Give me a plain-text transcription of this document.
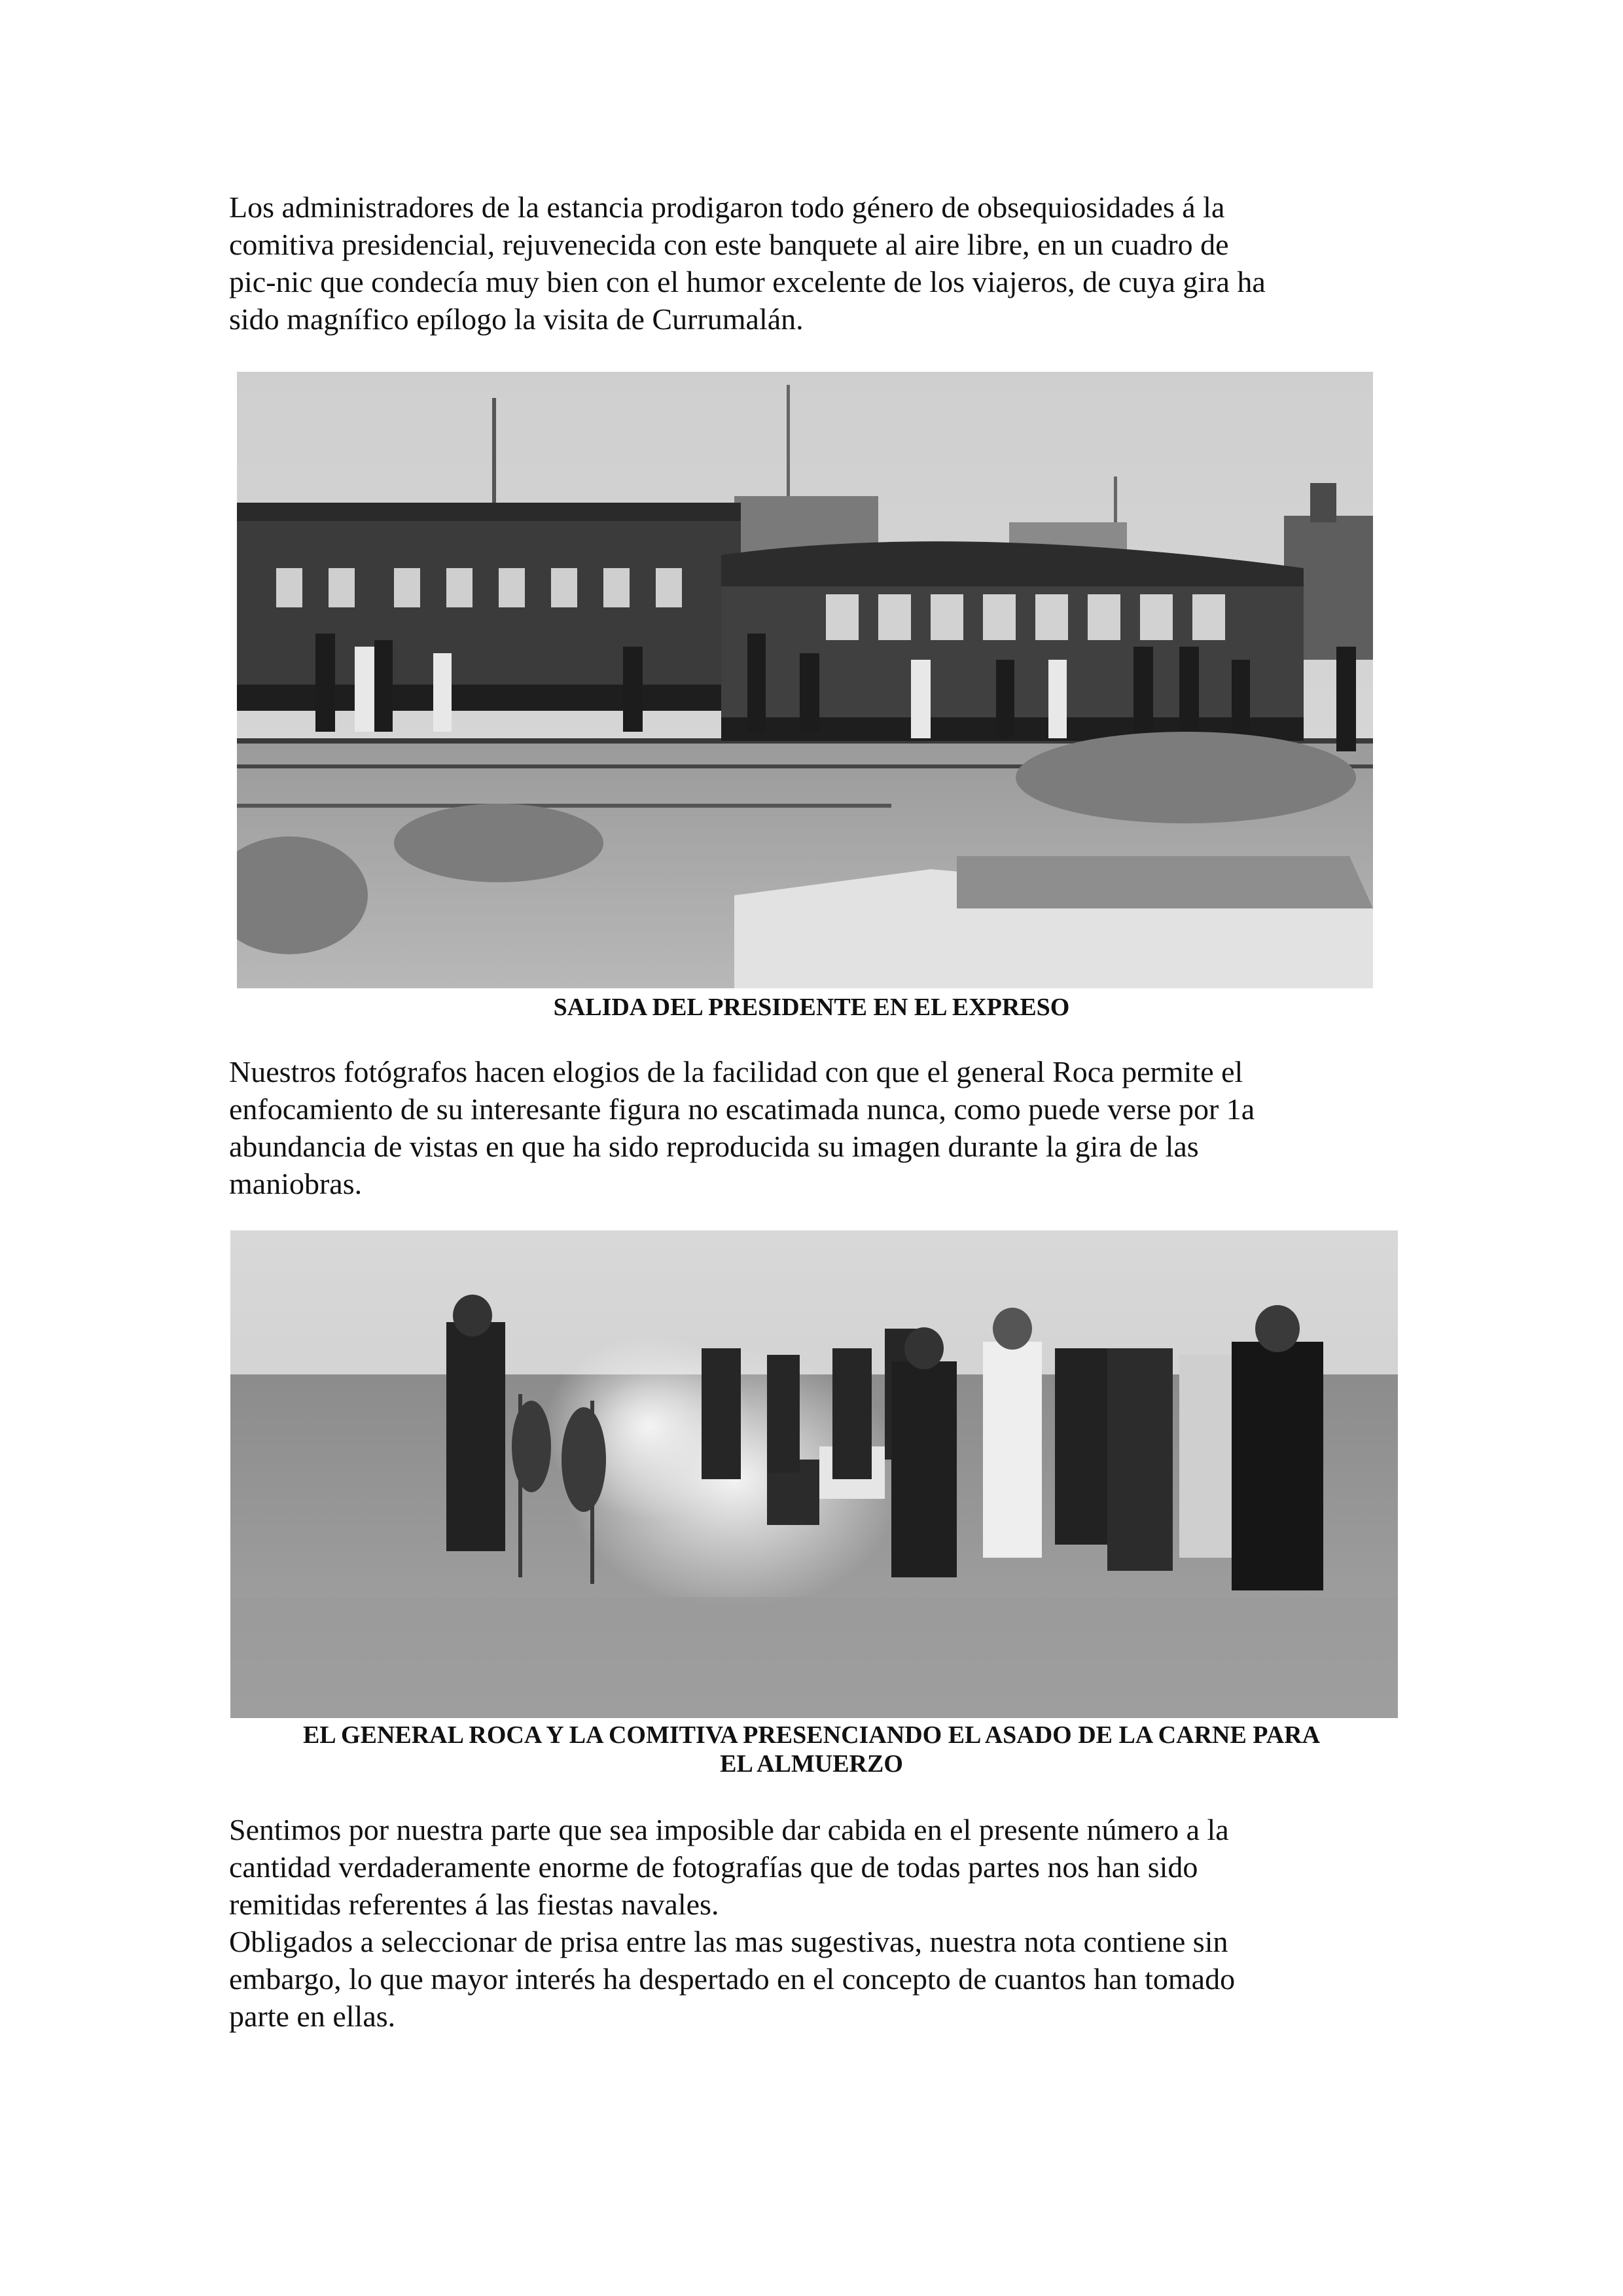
Los administradores de la estancia prodigaron todo género de obsequiosidades á la
comitiva presidencial, rejuvenecida con este banquete al aire libre, en un cuadro de
pic-nic que condecía muy bien con el humor excelente de los viajeros, de cuya gira ha
sido magnífico epílogo la visita de Currumalán.

SALIDA DEL PRESIDENTE EN EL EXPRESO

Nuestros fotógrafos hacen elogios de la facilidad con que el general Roca permite el
enfocamiento de su interesante figura no escatimada nunca, como puede verse por 1a
abundancia de vistas en que ha sido reproducida su imagen durante la gira de las
maniobras.

EL GENERAL ROCA Y LA COMITIVA PRESENCIANDO EL ASADO DE LA CARNE PARA
EL ALMUERZO

Sentimos por nuestra parte que sea imposible dar cabida en el presente número a la
cantidad verdaderamente enorme de fotografías que de todas partes nos han sido
remitidas referentes á las fiestas navales.

Obligados a seleccionar de prisa entre las mas sugestivas, nuestra nota contiene sin
embargo, lo que mayor interés ha despertado en el concepto de cuantos han tomado
parte en ellas.
